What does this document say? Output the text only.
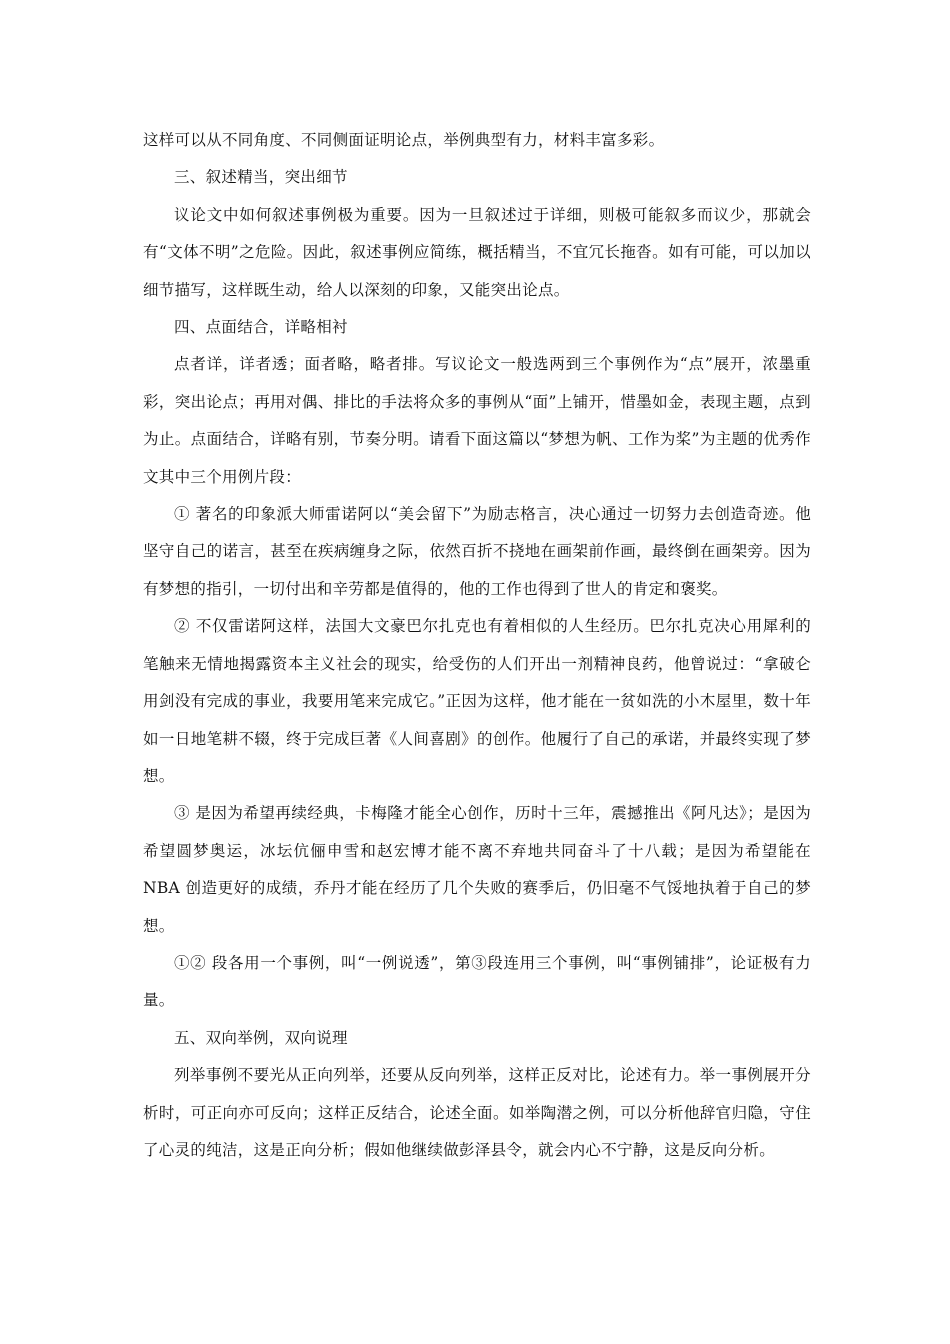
这样可以从不同角度、不同侧面证明论点，举例典型有力，材料丰富多彩。

三、叙述精当，突出细节

议论文中如何叙述事例极为重要。因为一旦叙述过于详细，则极可能叙多而议少，那就会有“文体不明”之危险。因此，叙述事例应简练，概括精当，不宜冗长拖沓。如有可能，可以加以细节描写，这样既生动，给人以深刻的印象，又能突出论点。

四、点面结合，详略相衬

点者详，详者透；面者略，略者排。写议论文一般选两到三个事例作为“点”展开，浓墨重彩，突出论点；再用对偶、排比的手法将众多的事例从“面”上铺开，惜墨如金，表现主题，点到为止。点面结合，详略有别，节奏分明。请看下面这篇以“梦想为帆、工作为桨”为主题的优秀作文其中三个用例片段：

① 著名的印象派大师雷诺阿以“美会留下”为励志格言，决心通过一切努力去创造奇迹。他坚守自己的诺言，甚至在疾病缠身之际，依然百折不挠地在画架前作画，最终倒在画架旁。因为有梦想的指引，一切付出和辛劳都是值得的，他的工作也得到了世人的肯定和褒奖。

② 不仅雷诺阿这样，法国大文豪巴尔扎克也有着相似的人生经历。巴尔扎克决心用犀利的笔触来无情地揭露资本主义社会的现实，给受伤的人们开出一剂精神良药，他曾说过：“拿破仑用剑没有完成的事业，我要用笔来完成它。”正因为这样，他才能在一贫如洗的小木屋里，数十年如一日地笔耕不辍，终于完成巨著《人间喜剧》的创作。他履行了自己的承诺，并最终实现了梦想。

③ 是因为希望再续经典，卡梅隆才能全心创作，历时十三年，震撼推出《阿凡达》；是因为希望圆梦奥运，冰坛伉俪申雪和赵宏博才能不离不弃地共同奋斗了十八载；是因为希望能在 NBA 创造更好的成绩，乔丹才能在经历了几个失败的赛季后，仍旧毫不气馁地执着于自己的梦想。

①② 段各用一个事例，叫“一例说透”，第③段连用三个事例，叫“事例铺排”，论证极有力量。

五、双向举例，双向说理

列举事例不要光从正向列举，还要从反向列举，这样正反对比，论述有力。举一事例展开分析时，可正向亦可反向；这样正反结合，论述全面。如举陶潜之例，可以分析他辞官归隐，守住了心灵的纯洁，这是正向分析；假如他继续做彭泽县令，就会内心不宁静，这是反向分析。
